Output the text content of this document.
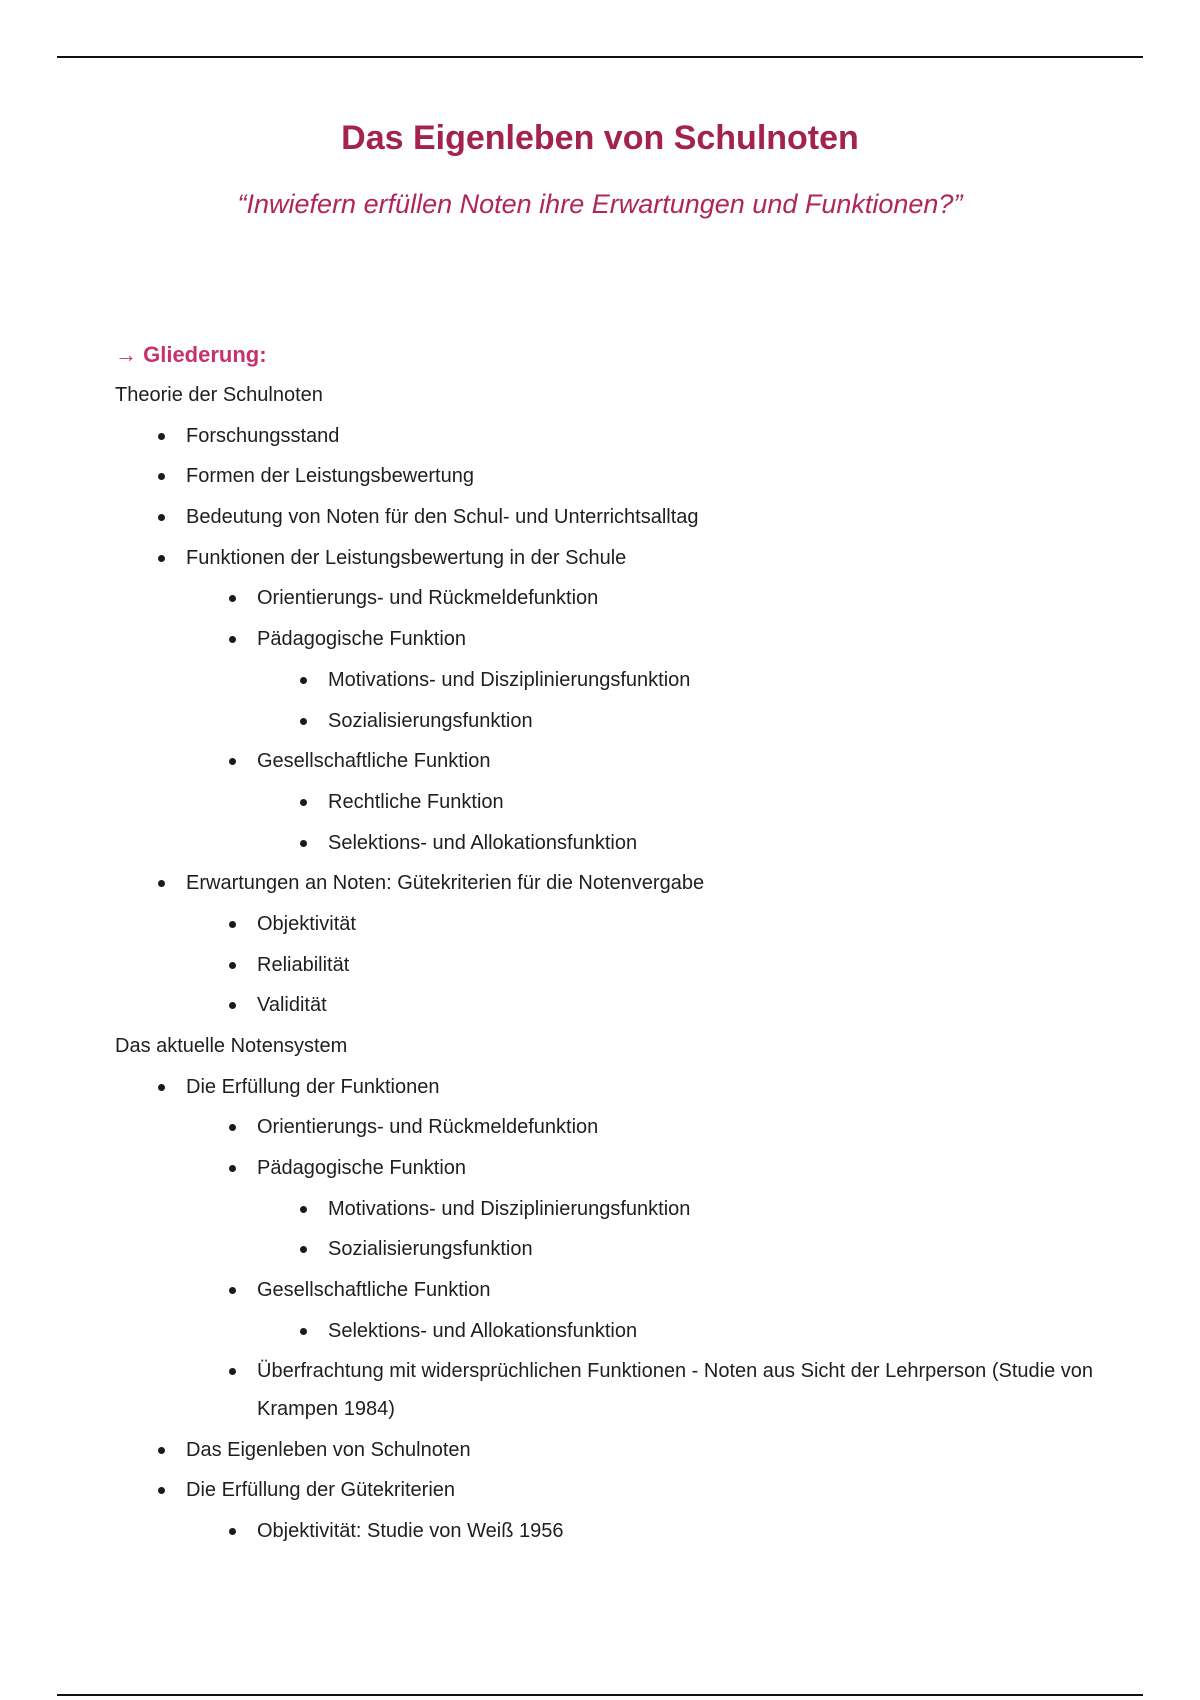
Das Eigenleben von Schulnoten

“Inwiefern erfüllen Noten ihre Erwartungen und Funktionen?”

→ Gliederung:
Theorie der Schulnoten
Forschungsstand
Formen der Leistungsbewertung
Bedeutung von Noten für den Schul- und Unterrichtsalltag
Funktionen der Leistungsbewertung in der Schule
Orientierungs- und Rückmeldefunktion
Pädagogische Funktion
Motivations- und Disziplinierungsfunktion
Sozialisierungsfunktion
Gesellschaftliche Funktion
Rechtliche Funktion
Selektions- und Allokationsfunktion
Erwartungen an Noten: Gütekriterien für die Notenvergabe
Objektivität
Reliabilität
Validität
Das aktuelle Notensystem
Die Erfüllung der Funktionen
Orientierungs- und Rückmeldefunktion
Pädagogische Funktion
Motivations- und Disziplinierungsfunktion
Sozialisierungsfunktion
Gesellschaftliche Funktion
Selektions- und Allokationsfunktion
Überfrachtung mit widersprüchlichen Funktionen - Noten aus Sicht der Lehrperson (Studie von Krampen 1984)
Das Eigenleben von Schulnoten
Die Erfüllung der Gütekriterien
Objektivität: Studie von Weiß 1956
